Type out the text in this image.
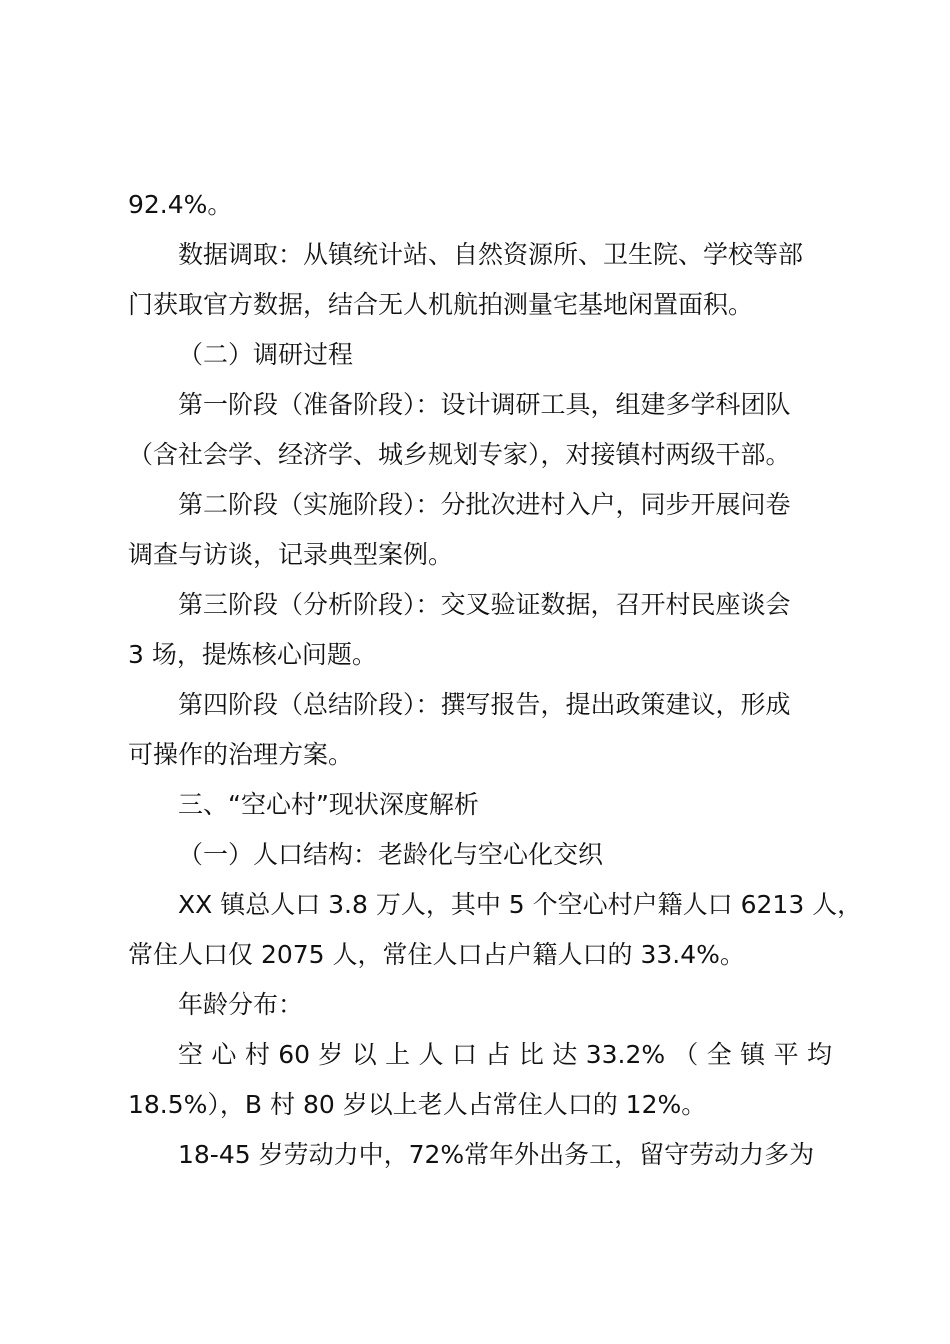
92.4%。
数据调取：从镇统计站、自然资源所、卫生院、学校等部
门获取官方数据，结合无人机航拍测量宅基地闲置面积。
（二）调研过程
第一阶段（准备阶段）：设计调研工具，组建多学科团队
（含社会学、经济学、城乡规划专家），对接镇村两级干部。
第二阶段（实施阶段）：分批次进村入户，同步开展问卷
调查与访谈，记录典型案例。
第三阶段（分析阶段）：交叉验证数据，召开村民座谈会
3 场，提炼核心问题。
第四阶段（总结阶段）：撰写报告，提出政策建议，形成
可操作的治理方案。
三、“空心村”现状深度解析
（一）人口结构：老龄化与空心化交织
XX 镇总人口 3.8 万人，其中 5 个空心村户籍人口 6213 人，
常住人口仅 2075 人，常住人口占户籍人口的 33.4%。
年龄分布：
空 心 村 60 岁 以 上 人 口 占 比 达 33.2% （ 全 镇 平 均
18.5%），B 村 80 岁以上老人占常住人口的 12%。
18-45 岁劳动力中，72%常年外出务工，留守劳动力多为
